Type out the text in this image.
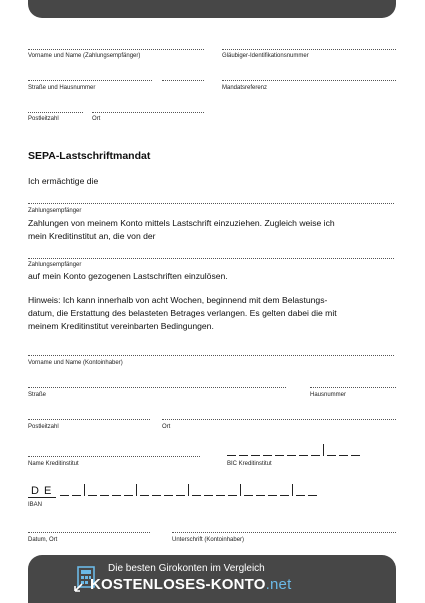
Vorname und Name (Zahlungsempfänger)	Gläubiger-Identifikationsnummer
Straße und Hausnummer	Mandatsreferenz
Postleitzahl	Ort
SEPA-Lastschriftmandat
Ich ermächtige die
Zahlungsempfänger
Zahlungen von meinem Konto mittels Lastschrift einzuziehen. Zugleich weise ich
mein Kreditinstitut an, die von der
Zahlungsempfänger
auf mein Konto gezogenen Lastschriften einzulösen.
Hinweis: Ich kann innerhalb von acht Wochen, beginnend mit dem Belastungs-
datum, die Erstattung des belasteten Betrages verlangen. Es gelten dabei die mit
meinem Kreditinstitut vereinbarten Bedingungen.
Vorname und Name (Kontoinhaber)
Straße	Hausnummer
Postleitzahl	Ort
Name Kreditinstitut	BIC Kreditinstitut
D E
IBAN
Datum, Ort	Unterschrift (Kontoinhaber)
Die besten Girokonten im Vergleich
KOSTENLOSES-KONTO.net
